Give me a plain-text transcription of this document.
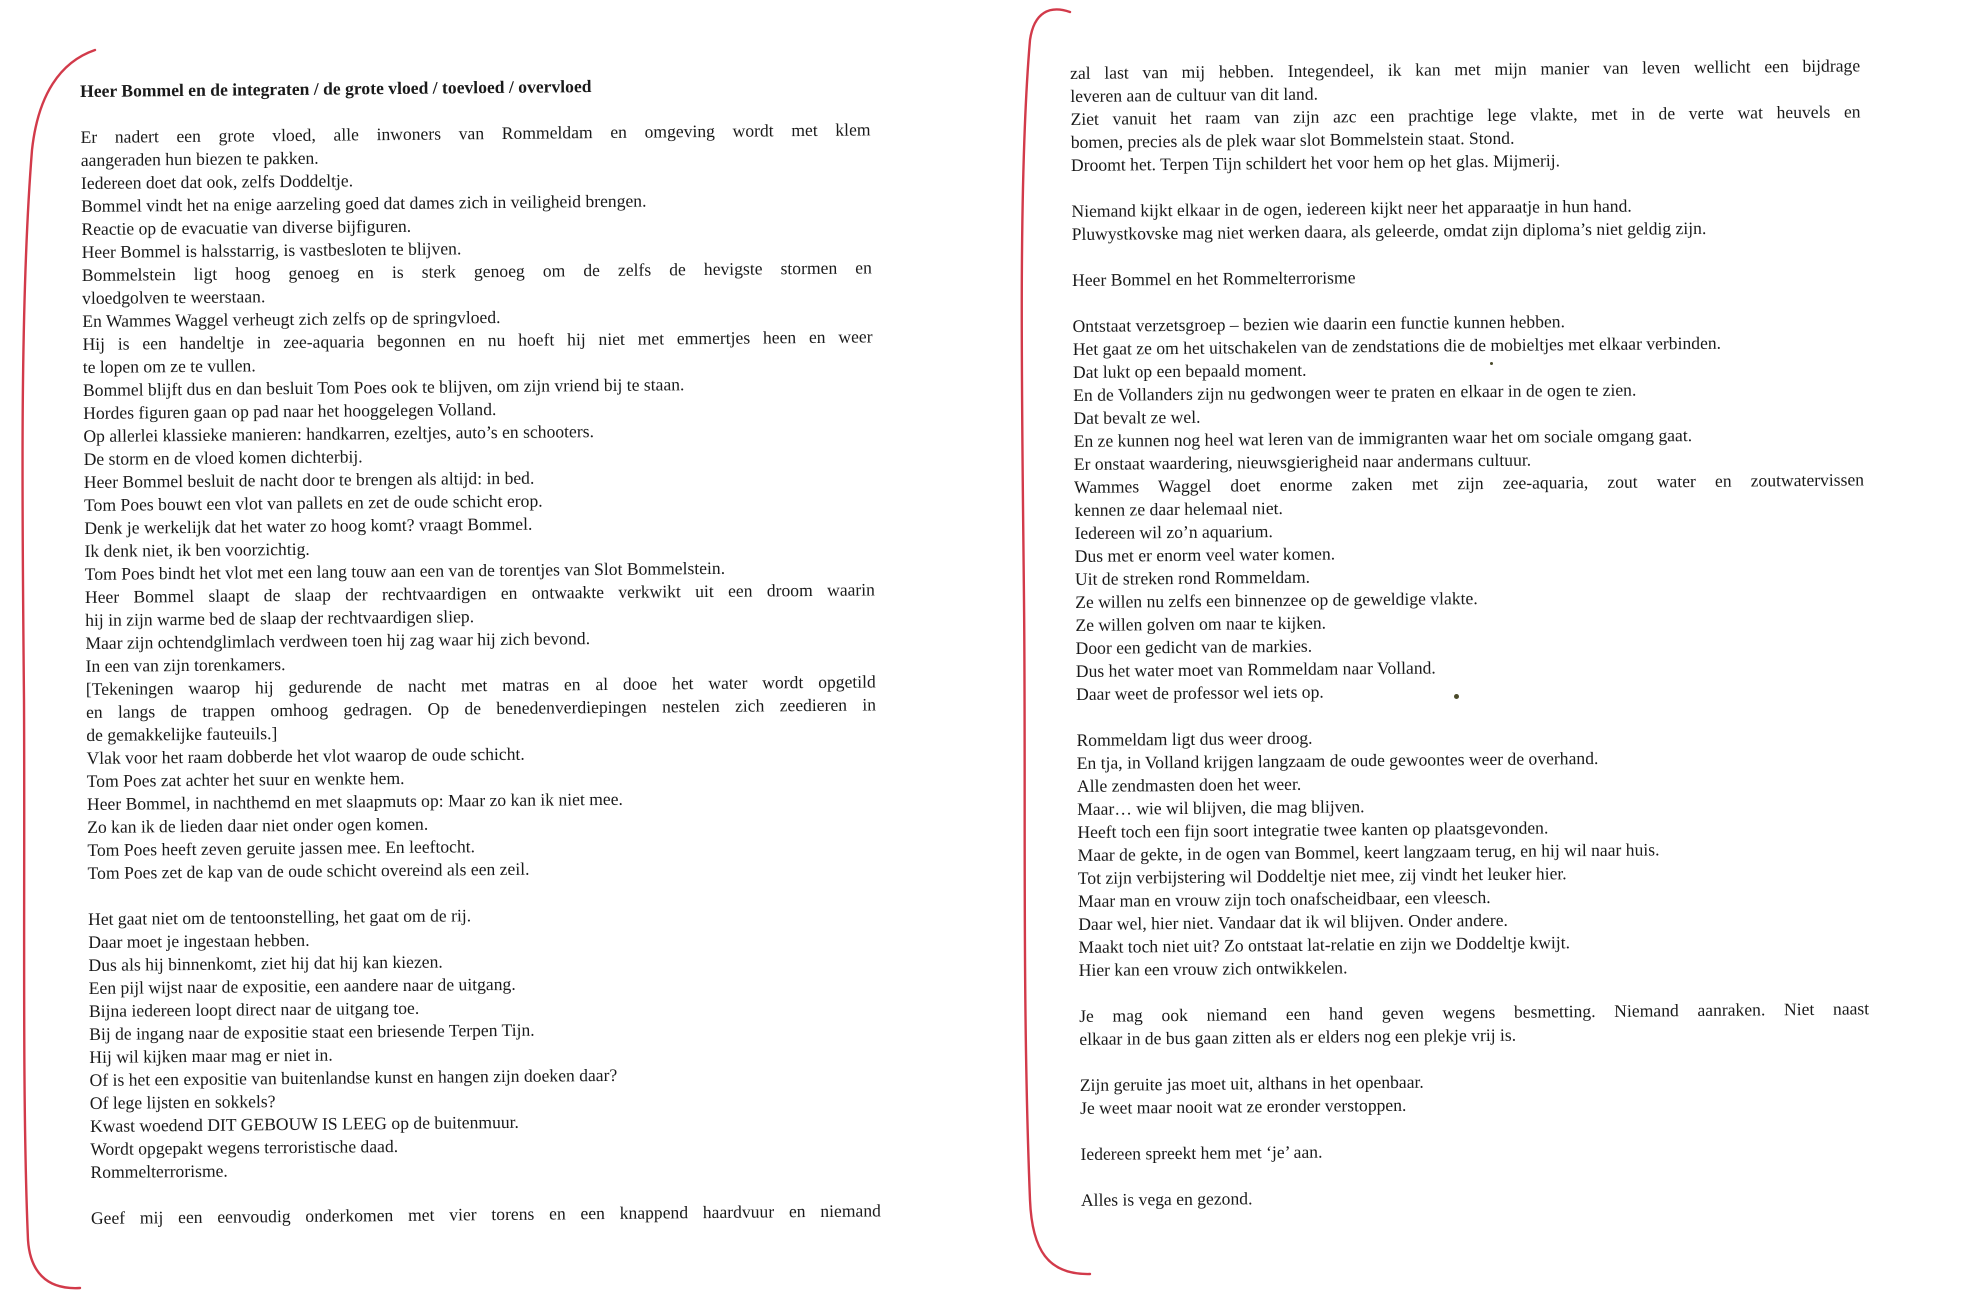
Heer Bommel en de integraten / de grote vloed / toevloed / overvloed
Er nadert een grote vloed, alle inwoners van Rommeldam en omgeving wordt met klem
aangeraden hun biezen te pakken.
Iedereen doet dat ook, zelfs Doddeltje.
Bommel vindt het na enige aarzeling goed dat dames zich in veiligheid brengen.
Reactie op de evacuatie van diverse bijfiguren.
Heer Bommel is halsstarrig, is vastbesloten te blijven.
Bommelstein ligt hoog genoeg en is sterk genoeg om de zelfs de hevigste stormen en
vloedgolven te weerstaan.
En Wammes Waggel verheugt zich zelfs op de springvloed.
Hij is een handeltje in zee-aquaria begonnen en nu hoeft hij niet met emmertjes heen en weer
te lopen om ze te vullen.
Bommel blijft dus en dan besluit Tom Poes ook te blijven, om zijn vriend bij te staan.
Hordes figuren gaan op pad naar het hooggelegen Volland.
Op allerlei klassieke manieren: handkarren, ezeltjes, auto’s en schooters.
De storm en de vloed komen dichterbij.
Heer Bommel besluit de nacht door te brengen als altijd: in bed.
Tom Poes bouwt een vlot van pallets en zet de oude schicht erop.
Denk je werkelijk dat het water zo hoog komt? vraagt Bommel.
Ik denk niet, ik ben voorzichtig.
Tom Poes bindt het vlot met een lang touw aan een van de torentjes van Slot Bommelstein.
Heer Bommel slaapt de slaap der rechtvaardigen en ontwaakte verkwikt uit een droom waarin
hij in zijn warme bed de slaap der rechtvaardigen sliep.
Maar zijn ochtendglimlach verdween toen hij zag waar hij zich bevond.
In een van zijn torenkamers.
[Tekeningen waarop hij gedurende de nacht met matras en al dooe het water wordt opgetild
en langs de trappen omhoog gedragen. Op de benedenverdiepingen nestelen zich zeedieren in
de gemakkelijke fauteuils.]
Vlak voor het raam dobberde het vlot waarop de oude schicht.
Tom Poes zat achter het suur en wenkte hem.
Heer Bommel, in nachthemd en met slaapmuts op: Maar zo kan ik niet mee.
Zo kan ik de lieden daar niet onder ogen komen.
Tom Poes heeft zeven geruite jassen mee. En leeftocht.
Tom Poes zet de kap van de oude schicht overeind als een zeil.
Het gaat niet om de tentoonstelling, het gaat om de rij.
Daar moet je ingestaan hebben.
Dus als hij binnenkomt, ziet hij dat hij kan kiezen.
Een pijl wijst naar de expositie, een aandere naar de uitgang.
Bijna iedereen loopt direct naar de uitgang toe.
Bij de ingang naar de expositie staat een briesende Terpen Tijn.
Hij wil kijken maar mag er niet in.
Of is het een expositie van buitenlandse kunst en hangen zijn doeken daar?
Of lege lijsten en sokkels?
Kwast woedend DIT GEBOUW IS LEEG op de buitenmuur.
Wordt opgepakt wegens terroristische daad.
Rommelterrorisme.
Geef mij een eenvoudig onderkomen met vier torens en een knappend haardvuur en niemand
zal last van mij hebben. Integendeel, ik kan met mijn manier van leven wellicht een bijdrage
leveren aan de cultuur van dit land.
Ziet vanuit het raam van zijn azc een prachtige lege vlakte, met in de verte wat heuvels en
bomen, precies als de plek waar slot Bommelstein staat. Stond.
Droomt het. Terpen Tijn schildert het voor hem op het glas. Mijmerij.
Niemand kijkt elkaar in de ogen, iedereen kijkt neer het apparaatje in hun hand.
Pluwystkovske mag niet werken daara, als geleerde, omdat zijn diploma’s niet geldig zijn.
Heer Bommel en het Rommelterrorisme
Ontstaat verzetsgroep – bezien wie daarin een functie kunnen hebben.
Het gaat ze om het uitschakelen van de zendstations die de mobieltjes met elkaar verbinden.
Dat lukt op een bepaald moment.
En de Vollanders zijn nu gedwongen weer te praten en elkaar in de ogen te zien.
Dat bevalt ze wel.
En ze kunnen nog heel wat leren van de immigranten waar het om sociale omgang gaat.
Er onstaat waardering, nieuwsgierigheid naar andermans cultuur.
Wammes Waggel doet enorme zaken met zijn zee-aquaria, zout water en zoutwatervissen
kennen ze daar helemaal niet.
Iedereen wil zo’n aquarium.
Dus met er enorm veel water komen.
Uit de streken rond Rommeldam.
Ze willen nu zelfs een binnenzee op de geweldige vlakte.
Ze willen golven om naar te kijken.
Door een gedicht van de markies.
Dus het water moet van Rommeldam naar Volland.
Daar weet de professor wel iets op.
Rommeldam ligt dus weer droog.
En tja, in Volland krijgen langzaam de oude gewoontes weer de overhand.
Alle zendmasten doen het weer.
Maar… wie wil blijven, die mag blijven.
Heeft toch een fijn soort integratie twee kanten op plaatsgevonden.
Maar de gekte, in de ogen van Bommel, keert langzaam terug, en hij wil naar huis.
Tot zijn verbijstering wil Doddeltje niet mee, zij vindt het leuker hier.
Maar man en vrouw zijn toch onafscheidbaar, een vleesch.
Daar wel, hier niet. Vandaar dat ik wil blijven. Onder andere.
Maakt toch niet uit? Zo ontstaat lat-relatie en zijn we Doddeltje kwijt.
Hier kan een vrouw zich ontwikkelen.
Je mag ook niemand een hand geven wegens besmetting. Niemand aanraken. Niet naast
elkaar in de bus gaan zitten als er elders nog een plekje vrij is.
Zijn geruite jas moet uit, althans in het openbaar.
Je weet maar nooit wat ze eronder verstoppen.
Iedereen spreekt hem met ‘je’ aan.
Alles is vega en gezond.
